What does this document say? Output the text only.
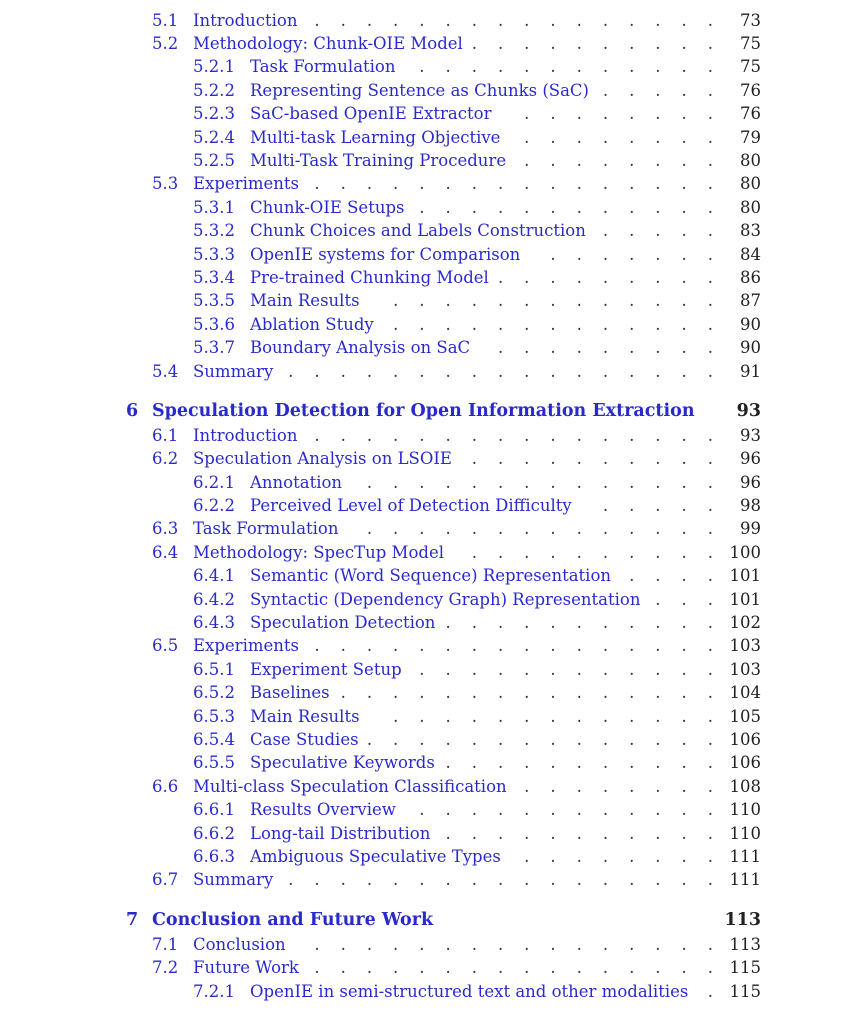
5.1 Introduction	.    .    .    .    .    .    .    .    .    .    .    .    .    .    .    .	73
5.2 Methodology: Chunk-OIE Model .    .    .    .    .    .    .    .    .    .	75
5.2.1 Task Formulation	.    .    .    .    .    .    .    .    .    .    .    .	75
5.2.2 Representing Sentence as Chunks (SaC) .    .    .    .    .	76
5.2.3 SaC-based OpenIE Extractor	.    .    .    .    .    .    .    .	76
5.2.4 Multi-task Learning Objective	.    .    .    .    .    .    .    .	79
5.2.5 Multi-Task Training Procedure	.    .    .    .    .    .    .    .	80
5.3 Experiments .    .    .    .    .    .    .    .    .    .    .    .    .    .    .    .	80
5.3.1 Chunk-OIE Setups .    .    .    .    .    .    .    .    .    .    .    .	80
5.3.2 Chunk Choices and Labels Construction	.    .    .    .    .	83
5.3.3 OpenIE systems for Comparison	.    .    .    .    .    .    .	84
5.3.4 Pre-trained Chunking Model .    .    .    .    .    .    .    .    .	86
5.3.5 Main Results	.    .    .    .    .    .    .    .    .    .    .    .    .	87
5.3.6 Ablation Study	.    .    .    .    .    .    .    .    .    .    .    .    .	90
5.3.7 Boundary Analysis on SaC	.    .    .    .    .    .    .    .    .	90
5.4 Summary .    .    .    .    .    .    .    .    .    .    .    .    .    .    .    .    .	91
6 Speculation Detection for Open Information Extraction	93
6.1 Introduction	.    .    .    .    .    .    .    .    .    .    .    .    .    .    .    .	93
6.2 Speculation Analysis on LSOIE	.    .    .    .    .    .    .    .    .    .	96
6.2.1 Annotation	.    .    .    .    .    .    .    .    .    .    .    .    .    .	96
6.2.2 Perceived Level of Detection Difficulty	.    .    .    .    .	98
6.3 Task Formulation	.    .    .    .    .    .    .    .    .    .    .    .    .    .	99
6.4 Methodology: SpecTup Model	.    .    .    .    .    .    .    .    .    .	100
6.4.1 Semantic (Word Sequence) Representation	.    .    .    .	101
6.4.2 Syntactic (Dependency Graph) Representation .    .    .	101
6.4.3 Speculation Detection .    .    .    .    .    .    .    .    .    .    .	102
6.5 Experiments .    .    .    .    .    .    .    .    .    .    .    .    .    .    .    .	103
6.5.1 Experiment Setup	.    .    .    .    .    .    .    .    .    .    .    .	103
6.5.2 Baselines .    .    .    .    .    .    .    .    .    .    .    .    .    .    .	104
6.5.3 Main Results	.    .    .    .    .    .    .    .    .    .    .    .    .	105
6.5.4 Case Studies .    .    .    .    .    .    .    .    .    .    .    .    .    .	106
6.5.5 Speculative Keywords .    .    .    .    .    .    .    .    .    .    .	106
6.6 Multi-class Speculation Classification	.    .    .    .    .    .    .    .	108
6.6.1 Results Overview	.    .    .    .    .    .    .    .    .    .    .    .	110
6.6.2 Long-tail Distribution .    .    .    .    .    .    .    .    .    .    .	110
6.6.3 Ambiguous Speculative Types	.    .    .    .    .    .    .    .	111
6.7 Summary .    .    .    .    .    .    .    .    .    .    .    .    .    .    .    .    .	111
7 Conclusion and Future Work	113
7.1 Conclusion	.    .    .    .    .    .    .    .    .    .    .    .    .    .    .    .	113
7.2 Future Work .    .    .    .    .    .    .    .    .    .    .    .    .    .    .    .	115
7.2.1 OpenIE in semi-structured text and other modalities	.	115
